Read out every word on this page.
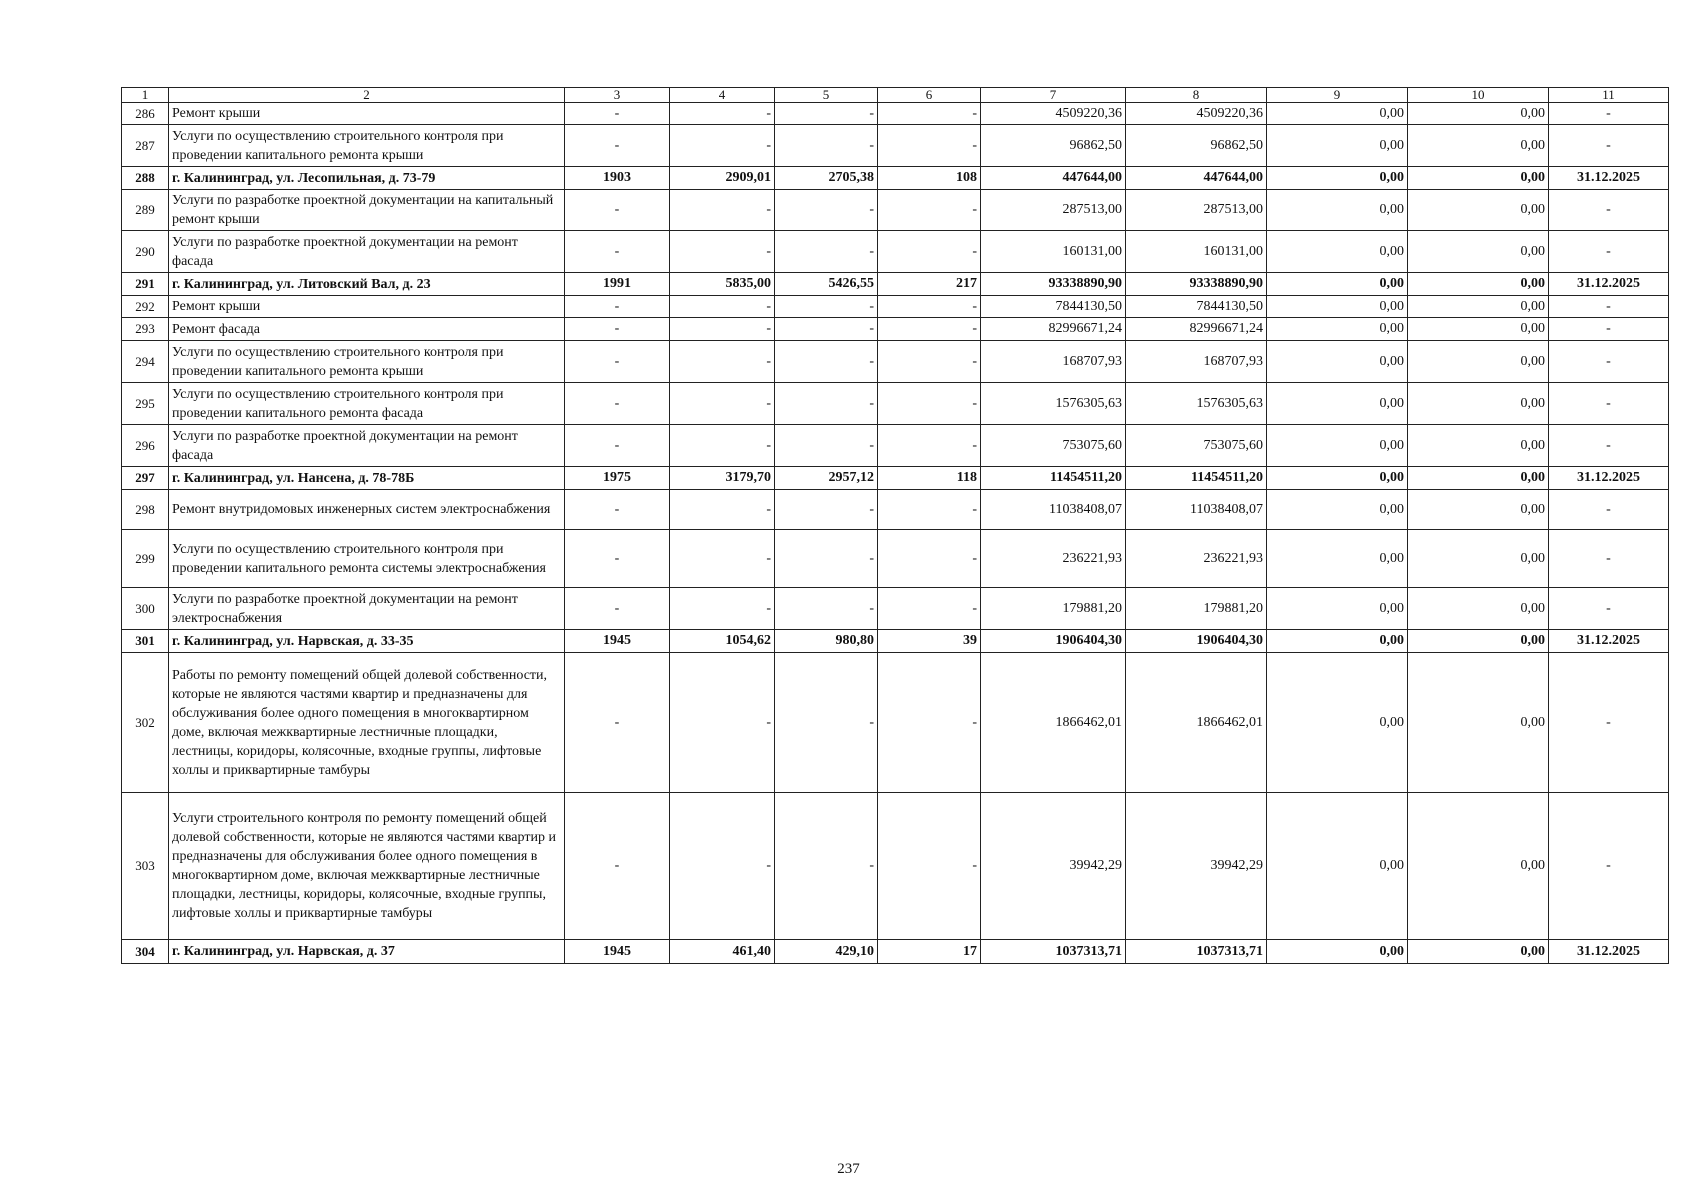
1	2	3	4	5	6	7	8	9	10	11
286	Ремонт крыши	-	-	-	-	4509220,36	4509220,36	0,00	0,00	-
287	Услуги по осуществлению строительного контроля при проведении капитального ремонта крыши	-	-	-	-	96862,50	96862,50	0,00	0,00	-
288	г. Калининград, ул. Лесопильная, д. 73-79	1903	2909,01	2705,38	108	447644,00	447644,00	0,00	0,00	31.12.2025
289	Услуги по разработке проектной документации на капитальный ремонт крыши	-	-	-	-	287513,00	287513,00	0,00	0,00	-
290	Услуги по разработке проектной документации на ремонт фасада	-	-	-	-	160131,00	160131,00	0,00	0,00	-
291	г. Калининград, ул. Литовский Вал, д. 23	1991	5835,00	5426,55	217	93338890,90	93338890,90	0,00	0,00	31.12.2025
292	Ремонт крыши	-	-	-	-	7844130,50	7844130,50	0,00	0,00	-
293	Ремонт фасада	-	-	-	-	82996671,24	82996671,24	0,00	0,00	-
294	Услуги по осуществлению строительного контроля при проведении капитального ремонта крыши	-	-	-	-	168707,93	168707,93	0,00	0,00	-
295	Услуги по осуществлению строительного контроля при проведении капитального ремонта фасада	-	-	-	-	1576305,63	1576305,63	0,00	0,00	-
296	Услуги по разработке проектной документации на ремонт фасада	-	-	-	-	753075,60	753075,60	0,00	0,00	-
297	г. Калининград, ул. Нансена, д. 78-78Б	1975	3179,70	2957,12	118	11454511,20	11454511,20	0,00	0,00	31.12.2025
298	Ремонт внутридомовых инженерных систем электроснабжения	-	-	-	-	11038408,07	11038408,07	0,00	0,00	-
299	Услуги по осуществлению строительного контроля при проведении капитального ремонта системы электроснабжения	-	-	-	-	236221,93	236221,93	0,00	0,00	-
300	Услуги по разработке проектной документации на ремонт электроснабжения	-	-	-	-	179881,20	179881,20	0,00	0,00	-
301	г. Калининград, ул. Нарвская, д. 33-35	1945	1054,62	980,80	39	1906404,30	1906404,30	0,00	0,00	31.12.2025
302	Работы по ремонту помещений общей долевой собственности, которые не являются частями квартир и предназначены для обслуживания более одного помещения в многоквартирном доме, включая межквартирные лестничные площадки, лестницы, коридоры, колясочные, входные группы, лифтовые холлы и приквартирные тамбуры	-	-	-	-	1866462,01	1866462,01	0,00	0,00	-
303	Услуги строительного контроля по ремонту помещений общей долевой собственности, которые не являются частями квартир и предназначены для обслуживания более одного помещения в многоквартирном доме, включая межквартирные лестничные площадки, лестницы, коридоры, колясочные, входные группы, лифтовые холлы и приквартирные тамбуры	-	-	-	-	39942,29	39942,29	0,00	0,00	-
304	г. Калининград, ул. Нарвская, д. 37	1945	461,40	429,10	17	1037313,71	1037313,71	0,00	0,00	31.12.2025
237
